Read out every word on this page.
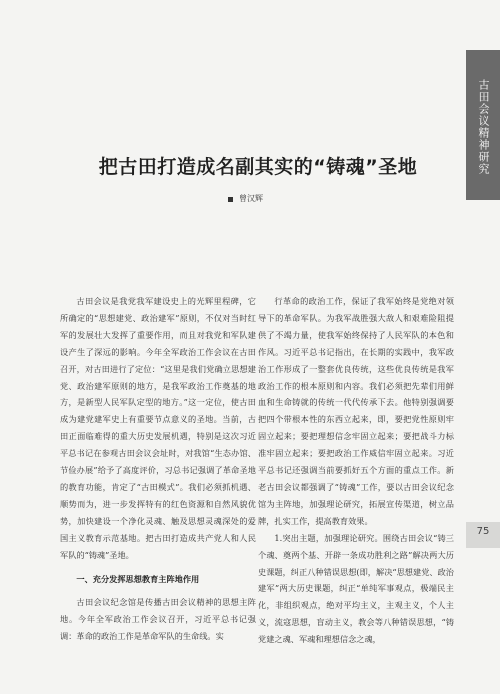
古田会议精神研究
75
把古田打造成名副其实的“铸魂”圣地
曾汉辉

古田会议是我党我军建设史上的光辉里程碑，它所确定的“思想建党、政治建军”原则，不仅对当时红军的发展壮大发挥了重要作用，而且对我党和军队建设产生了深远的影响。今年全军政治工作会议在古田召开，对古田进行了定位：“这里是我们党确立思想建党、政治建军原则的地方，是我军政治工作奠基的地方，是新型人民军队定型的地方。”这一定位，使古田成为建党建军史上有重要节点意义的圣地。当前，古田正面临难得的重大历史发展机遇，特别是这次习近平总书记在参观古田会议会址时，对我馆“生态办馆、节俭办展”给予了高度评价，习总书记强调了革命圣地的教育功能，肯定了“古田模式”。我们必须抓机遇、顺势而为，进一步发挥特有的红色资源和自然风貌优势，加快建设一个净化灵魂、触及思想灵魂深处的爱国主义教育示范基地。把古田打造成共产党人和人民军队的“铸魂”圣地。

一、充分发挥思想教育主阵地作用

古田会议纪念馆是传播古田会议精神的思想主阵地。今年全军政治工作会议召开，习近平总书记强调：革命的政治工作是革命军队的生命线。实

行革命的政治工作，保证了我军始终是党绝对领导下的革命军队。为我军战胜强大敌人和艰难险阻提供了不竭力量，使我军始终保持了人民军队的本色和作风。习近平总书记指出，在长期的实践中，我军政治工作形成了一整套优良传统，这些优良传统是我军政治工作的根本原则和内容。我们必须把先辈们用鲜血和生命铸就的传统一代代传承下去。他特别强调要把四个带根本性的东西立起来，即，要把党性原则牢固立起来；要把理想信念牢固立起来；要把战斗力标准牢固立起来；要把政治工作威信牢固立起来。习近平总书记还强调当前要抓好五个方面的重点工作。新老古田会议都强调了“铸魂”工作，要以古田会议纪念馆为主阵地，加强理论研究，拓展宣传渠道，树立品牌，扎实工作，提高教育效果。

1.突出主题，加强理论研究。围绕古田会议“铸三个魂、奠两个基、开辟一条成功胜利之路”解决两大历史课题，纠正八种错误思想(即，解决“思想建党、政治建军”两大历史课题，纠正“单纯军事观点，极端民主化，非组织观点，绝对平均主义，主观主义，个人主义，流寇思想，盲动主义，教会等八种错误思想，“铸党建之魂、军魂和理想信念之魂，
